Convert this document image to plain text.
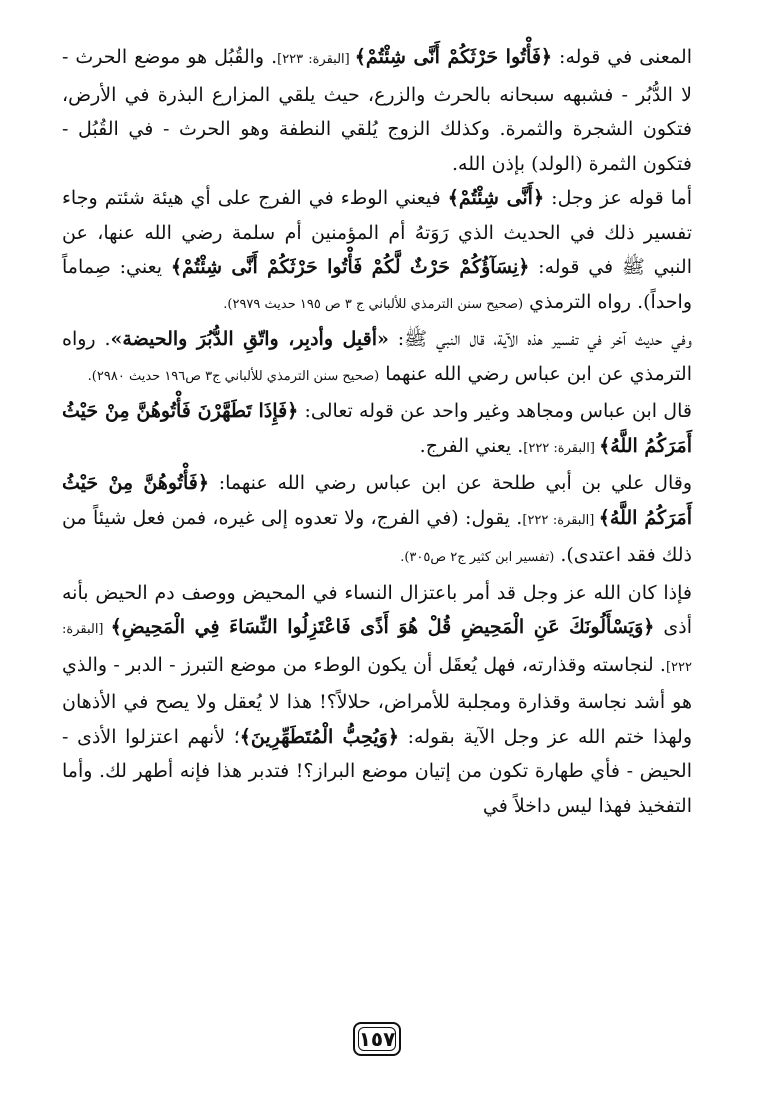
المعنى في قوله: ﴿فَأْتُوا حَرْثَكُمْ أَنَّى شِئْتُمْ﴾ [البقرة: ٢٢٣]. والقُبُل هو موضع الحرث - لا الدُّبُر - فشبهه سبحانه بالحرث والزرع، حيث يلقي المزارع البذرة في الأرض، فتكون الشجرة والثمرة. وكذلك الزوج يُلقي النطفة وهو الحرث - في القُبُل - فتكون الثمرة (الولد) بإذن الله.

أما قوله عز وجل: ﴿أَنَّى شِئْتُمْ﴾ فيعني الوطء في الفرج على أي هيئة شئتم وجاء تفسير ذلك في الحديث الذي رَوَتهُ أم المؤمنين أم سلمة رضي الله عنها، عن النبي ﷺ في قوله: ﴿نِسَآؤُكُمْ حَرْثٌ لَّكُمْ فَأْتُوا حَرْثَكُمْ أَنَّى شِئْتُمْ﴾ يعني: صِماماً واحداً). رواه الترمذي (صحيح سنن الترمذي للألباني ج ٣ ص ١٩٥ حديث ٢٩٧٩).

وفي حديث آخر في تفسير هذه الآية، قال النبي ﷺ: «أقبِل وأدبِر، واتّقِ الدُّبُرَ والحيضة». رواه الترمذي عن ابن عباس رضي الله عنهما (صحيح سنن الترمذي للألباني ج٣ ص١٩٦ حديث ٢٩٨٠).

قال ابن عباس ومجاهد وغير واحد عن قوله تعالى: ﴿فَإِذَا تَطَهَّرْنَ فَأْتُوهُنَّ مِنْ حَيْثُ أَمَرَكُمُ اللَّهُ﴾ [البقرة: ٢٢٢]. يعني الفرج.

وقال علي بن أبي طلحة عن ابن عباس رضي الله عنهما: ﴿فَأْتُوهُنَّ مِنْ حَيْثُ أَمَرَكُمُ اللَّهُ﴾ [البقرة: ٢٢٢]. يقول: (في الفرج، ولا تعدوه إلى غيره، فمن فعل شيئاً من ذلك فقد اعتدى). (تفسير ابن كثير ج٢ ص٣٠٥).

فإذا كان الله عز وجل قد أمر باعتزال النساء في المحيض ووصف دم الحيض بأنه أذى ﴿وَيَسْأَلُونَكَ عَنِ الْمَحِيضِ قُلْ هُوَ أَذًى فَاعْتَزِلُوا النِّسَاءَ فِي الْمَحِيضِ﴾ [البقرة: ٢٢٢]. لنجاسته وقذارته، فهل يُعقَل أن يكون الوطء من موضع التبرز - الدبر - والذي هو أشد نجاسة وقذارة ومجلبة للأمراض، حلالاً؟! هذا لا يُعقل ولا يصح في الأذهان ولهذا ختم الله عز وجل الآية بقوله: ﴿وَيُحِبُّ الْمُتَطَهِّرِينَ﴾؛ لأنهم اعتزلوا الأذى - الحيض - فأي طهارة تكون من إتيان موضع البراز؟! فتدبر هذا فإنه أطهر لك. وأما التفخيذ فهذا ليس داخلاً في

١٥٧
